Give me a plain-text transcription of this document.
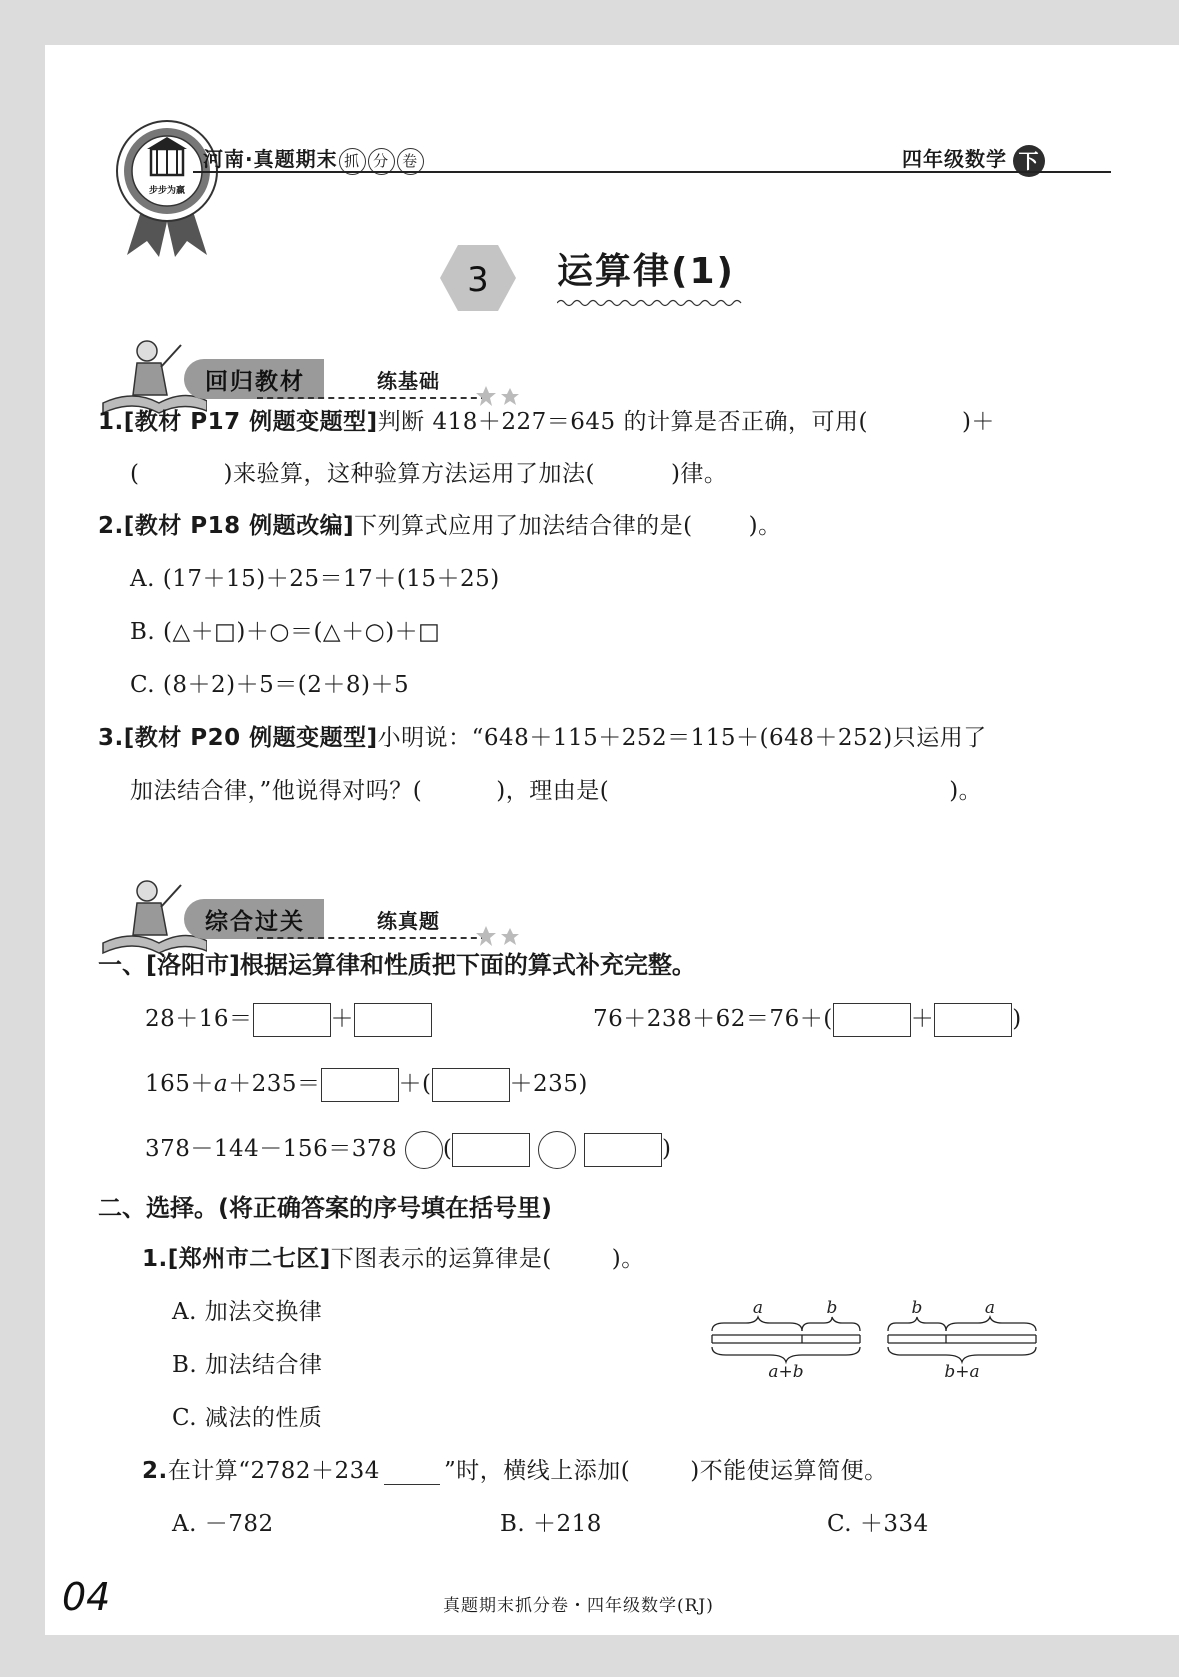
步步为赢
河南·真题期末 抓 分 卷	四年级数学 下
3 运算律(1)
回归教材	练基础
1.[教材 P17 例题变题型]判断 418＋227＝645 的计算是否正确，可用(	)＋
(	)来验算，这种验算方法运用了加法(	)律。
2.[教材 P18 例题改编]下列算式应用了加法结合律的是( )。
A. (17＋15)＋25＝17＋(15＋25)
B. (△＋□)＋○＝(△＋○)＋□
C. (8＋2)＋5＝(2＋8)＋5
3.[教材 P20 例题变题型]小明说：“648＋115＋252＝115＋(648＋252)只运用了
加法结合律，”他说得对吗？(	)，理由是(	)。
综合过关	练真题
一、[洛阳市]根据运算律和性质把下面的算式补充完整。
28＋16＝	＋	76＋238＋62＝76＋(	＋	)
165＋a＋235＝	＋(	＋235)
378－144－156＝378 (	)
二、选择。(将正确答案的序号填在括号里)
1.[郑州市二七区]下图表示的运算律是(	)。
A. 加法交换律
B. 加法结合律
C. 减法的性质
a	b
a+b
b	a
b+a
2.在计算“2782＋234	”时，横线上添加(	)不能使运算简便。
A. －782	B. ＋218	C. ＋334
04	真题期末抓分卷・四年级数学(RJ)
